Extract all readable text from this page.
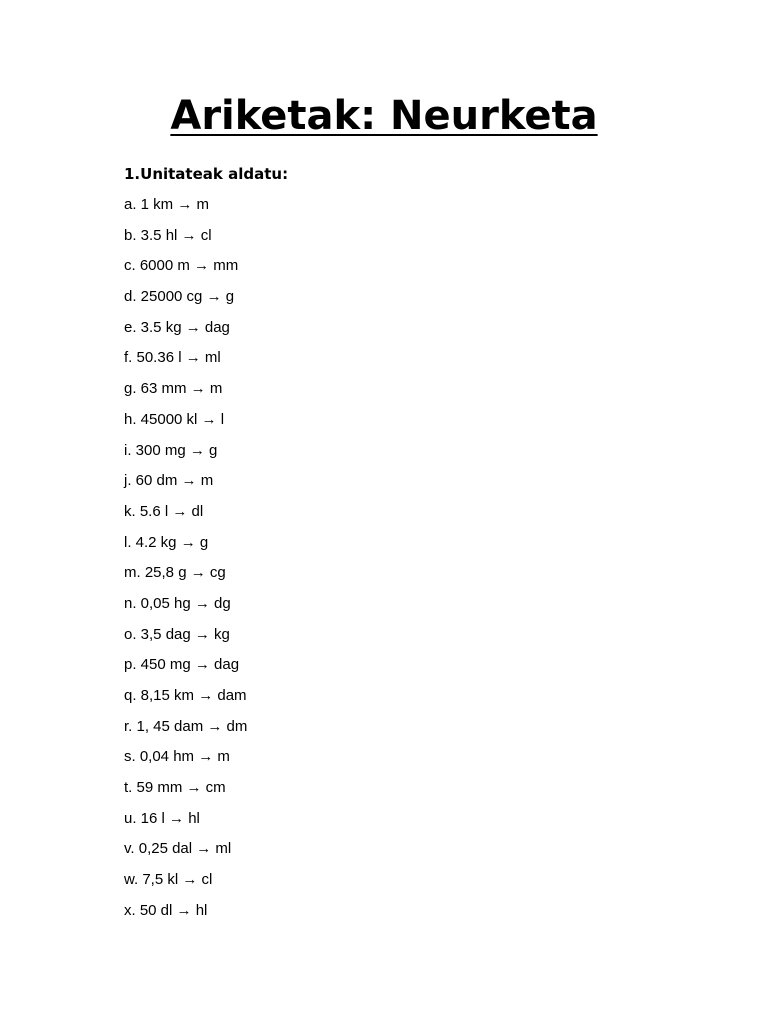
Ariketak: Neurketa
1.Unitateak aldatu:
a. 1 km → m
b. 3.5 hl → cl
c. 6000 m → mm
d. 25000 cg → g
e. 3.5 kg → dag
f. 50.36 l → ml
g. 63 mm → m
h. 45000 kl → l
i. 300 mg → g
j. 60 dm → m
k. 5.6 l → dl
l. 4.2 kg → g
m. 25,8 g → cg
n. 0,05 hg → dg
o. 3,5 dag → kg
p. 450 mg → dag
q. 8,15 km → dam
r. 1, 45 dam → dm
s. 0,04 hm → m
t. 59 mm → cm
u. 16 l → hl
v. 0,25 dal → ml
w. 7,5 kl → cl
x. 50 dl → hl
